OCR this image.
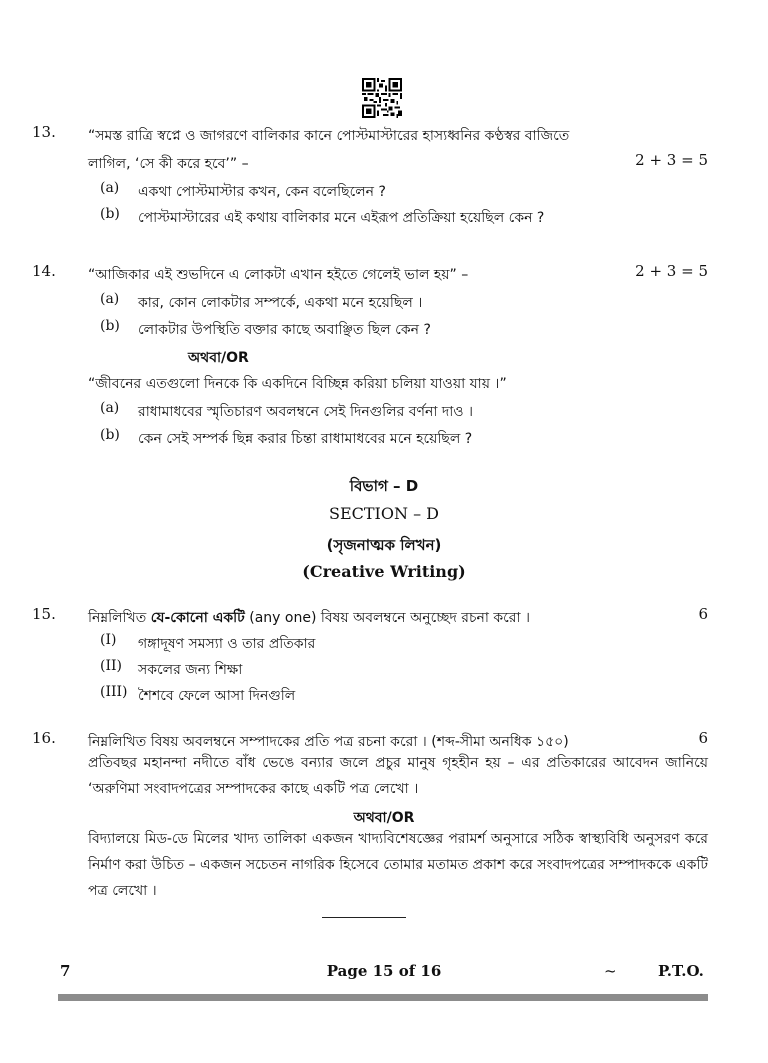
13. “সমস্ত রাত্রি স্বপ্নে ও জাগরণে বালিকার কানে পোস্টমাস্টারের হাস্যধ্বনির কণ্ঠস্বর বাজিতে
লাগিল, ‘সে কী করে হবে’” –	2 + 3 = 5
(a) একথা পোস্টমাস্টার কখন, কেন বলেছিলেন ?
(b) পোস্টমাস্টারের এই কথায় বালিকার মনে এইরূপ প্রতিক্রিয়া হয়েছিল কেন ?
14. “আজিকার এই শুভদিনে এ লোকটা এখান হইতে গেলেই ভাল হয়” –	2 + 3 = 5
(a) কার, কোন লোকটার সম্পর্কে, একথা মনে হয়েছিল ।
(b) লোকটার উপস্থিতি বক্তার কাছে অবাঞ্ছিত ছিল কেন ?
অথবা/OR
“জীবনের এতগুলো দিনকে কি একদিনে বিচ্ছিন্ন করিয়া চলিয়া যাওয়া যায় ।”
(a) রাধামাধবের স্মৃতিচারণ অবলম্বনে সেই দিনগুলির বর্ণনা দাও ।
(b) কেন সেই সম্পর্ক ছিন্ন করার চিন্তা রাধামাধবের মনে হয়েছিল ?
বিভাগ – D
SECTION – D
(সৃজনাত্মক লিখন)
(Creative Writing)
15. নিম্নলিখিত যে-কোনো একটি (any one) বিষয় অবলম্বনে অনুচ্ছেদ রচনা করো ।	6
(I) গঙ্গাদূষণ সমস্যা ও তার প্রতিকার
(II) সকলের জন্য শিক্ষা
(III) শৈশবে ফেলে আসা দিনগুলি
16. নিম্নলিখিত বিষয় অবলম্বনে সম্পাদকের প্রতি পত্র রচনা করো । (শব্দ-সীমা অনধিক ১৫০)	6
প্রতিবছর মহানন্দা নদীতে বাঁধ ভেঙে বন্যার জলে প্রচুর মানুষ গৃহহীন হয় – এর প্রতিকারের আবেদন জানিয়ে ‘অরুণিমা সংবাদপত্রের সম্পাদকের কাছে একটি পত্র লেখো ।
অথবা/OR
বিদ্যালয়ে মিড-ডে মিলের খাদ্য তালিকা একজন খাদ্যবিশেষজ্ঞের পরামর্শ অনুসারে সঠিক স্বাস্থ্যবিধি অনুসরণ করে নির্মাণ করা উচিত – একজন সচেতন নাগরিক হিসেবে তোমার মতামত প্রকাশ করে সংবাদপত্রের সম্পাদককে একটি পত্র লেখো ।
7	Page 15 of 16	~	P.T.O.
